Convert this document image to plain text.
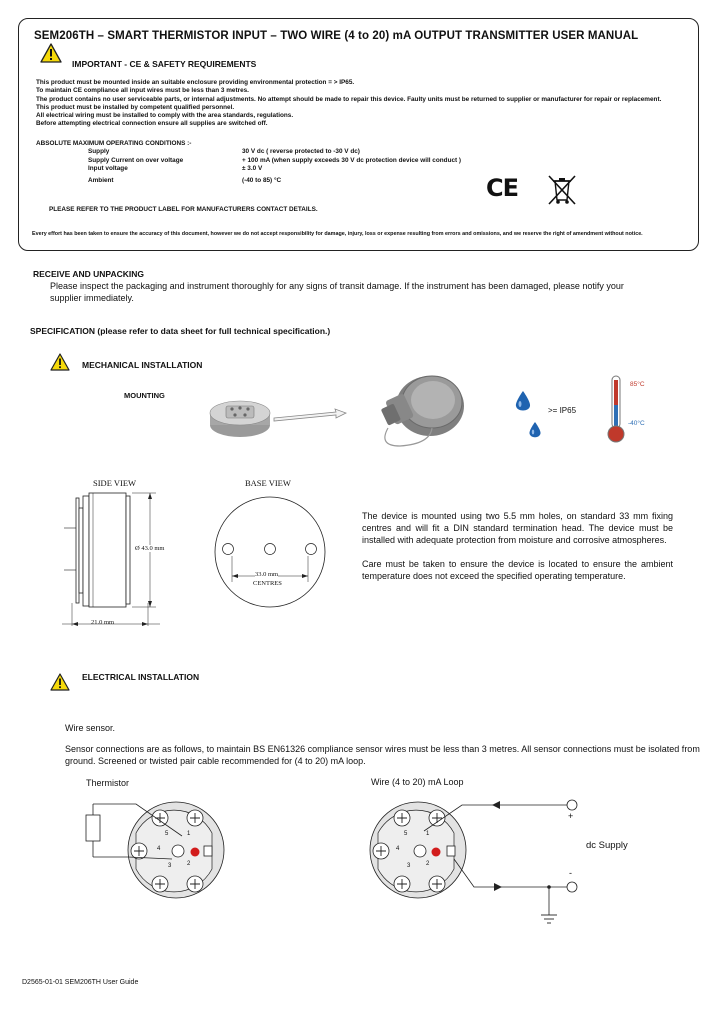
SEM206TH – SMART THERMISTOR INPUT – TWO WIRE (4 to 20) mA OUTPUT TRANSMITTER USER MANUAL
IMPORTANT - CE & SAFETY REQUIREMENTS

This product must be mounted inside an suitable enclosure providing environmental protection = > IP65.

To maintain CE compliance all input wires must be less than 3 metres.

The product contains no user serviceable parts, or internal adjustments. No attempt should be made to repair this device. Faulty units must be returned to supplier or manufacturer for repair or replacement.

This product must be installed by competent qualified personnel.

All electrical wiring must be installed to comply with the area standards, regulations.

Before attempting electrical connection ensure all supplies are switched off.

ABSOLUTE MAXIMUM OPERATING CONDITIONS :-
Supply	30 V dc ( reverse protected to -30 V dc)
Supply Current on over voltage	+ 100 mA (when supply exceeds 30 V dc protection device will conduct )
Input voltage	± 3.0 V
Ambient	(-40 to 85) °C	CE
PLEASE REFER TO THE PRODUCT LABEL FOR MANUFACTURERS CONTACT DETAILS.
Every effort has been taken to ensure the accuracy of this document, however we do not accept responsibility for damage, injury, loss or expense resulting from errors and omissions, and we reserve the right of amendment without notice.
RECEIVE AND UNPACKING
Please inspect the packaging and instrument thoroughly for any signs of transit damage. If the instrument has been damaged, please notify your supplier immediately.
SPECIFICATION (please refer to data sheet for full technical specification.)
MECHANICAL INSTALLATION
MOUNTING
>= IP65
85°C
-40°C
SIDE VIEW
Ø 43.0 mm
21.0 mm
BASE VIEW
33.0 mm
CENTRES
The device is mounted using two 5.5 mm holes, on standard 33 mm fixing centres and will fit a DIN standard termination head. The device must be installed with adequate protection from moisture and corrosive atmospheres.
Care must be taken to ensure the device is located to ensure the ambient temperature does not exceed the specified operating temperature.
ELECTRICAL INSTALLATION
Wire sensor.
Sensor connections are as follows, to maintain BS EN61326 compliance sensor wires must be less than 3 metres. All sensor connections must be isolated from ground. Screened or twisted pair cable recommended for (4 to 20) mA loop.
Thermistor	Wire (4 to 20) mA Loop
5	1
4
3	2
5	1
4
3	2
+
-
dc Supply
D2565-01-01 SEM206TH User Guide
